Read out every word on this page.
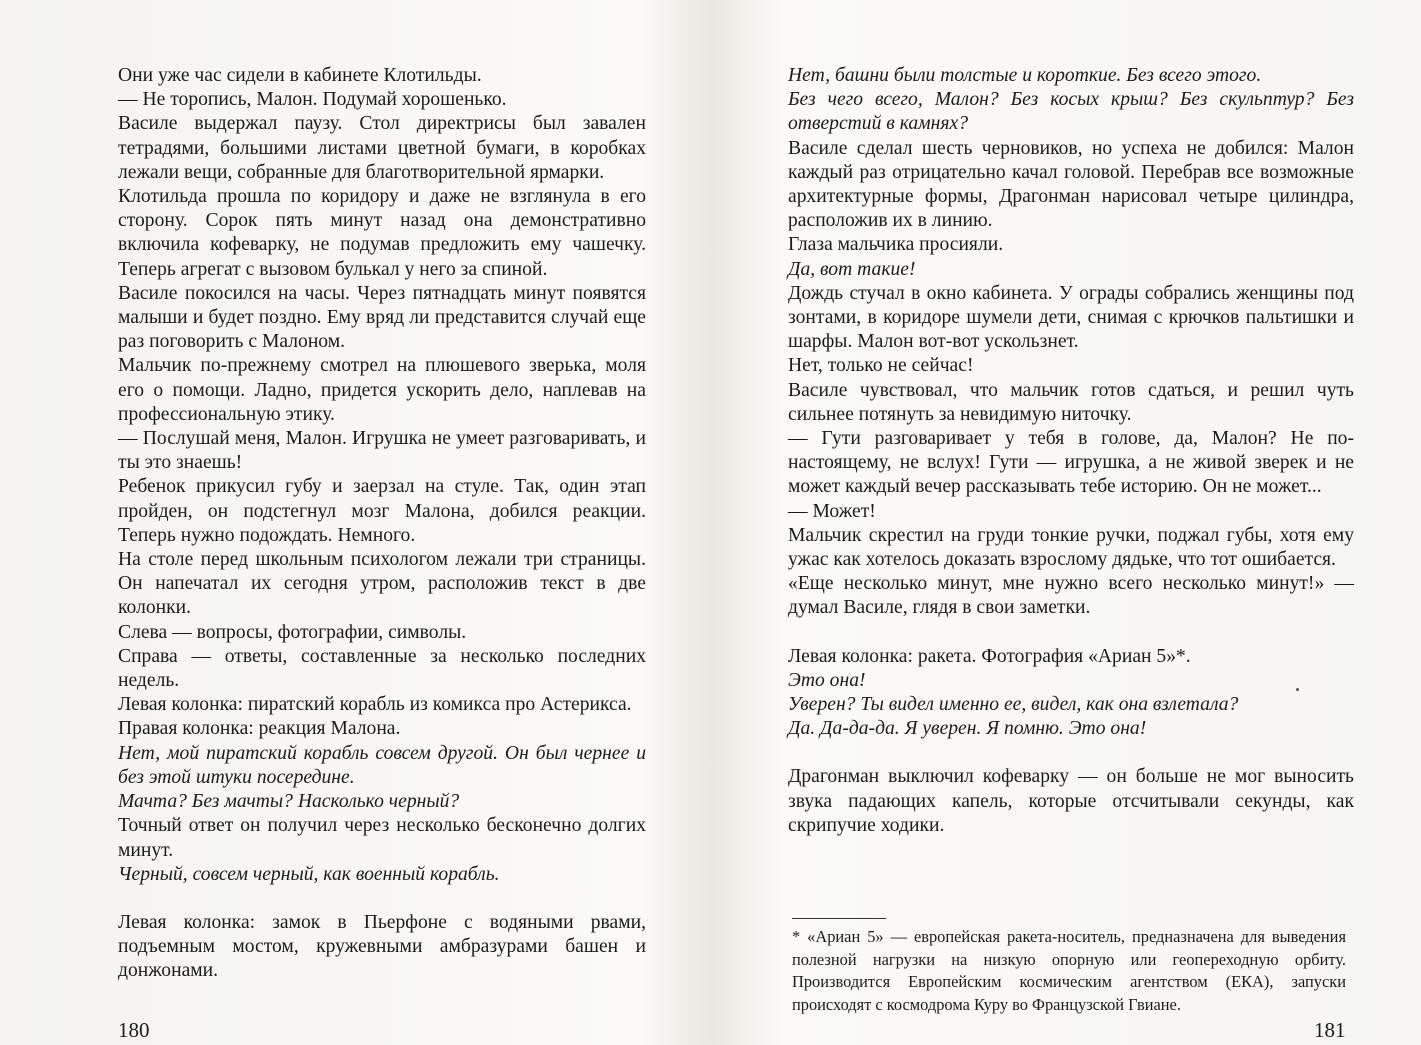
Они уже час сидели в кабинете Клотильды.

— Не торопись, Малон. Подумай хорошенько.

Василе выдержал паузу. Стол директрисы был завален тетрадями, большими листами цветной бумаги, в коробках лежали вещи, собранные для благотворительной ярмарки.

Клотильда прошла по коридору и даже не взглянула в его сторону. Сорок пять минут назад она демонстративно включила кофеварку, не подумав предложить ему чашечку. Теперь агрегат с вызовом булькал у него за спиной.

Василе покосился на часы. Через пятнадцать минут появятся малыши и будет поздно. Ему вряд ли представится случай еще раз поговорить с Малоном.

Мальчик по-прежнему смотрел на плюшевого зверька, моля его о помощи. Ладно, придется ускорить дело, наплевав на профессиональную этику.

— Послушай меня, Малон. Игрушка не умеет разговаривать, и ты это знаешь!

Ребенок прикусил губу и заерзал на стуле. Так, один этап пройден, он подстегнул мозг Малона, добился реакции. Теперь нужно подождать. Немного.

На столе перед школьным психологом лежали три страницы. Он напечатал их сегодня утром, расположив текст в две колонки.

Слева — вопросы, фотографии, символы.

Справа — ответы, составленные за несколько последних недель.

Левая колонка: пиратский корабль из комикса про Астерикса.

Правая колонка: реакция Малона.

Нет, мой пиратский корабль совсем другой. Он был чернее и без этой штуки посередине.

Мачта? Без мачты? Насколько черный?

Точный ответ он получил через несколько бесконечно долгих минут.

Черный, совсем черный, как военный корабль.

Левая колонка: замок в Пьерфоне с водяными рвами, подъемным мостом, кружевными амбразурами башен и донжонами.

180

Нет, башни были толстые и короткие. Без всего этого.

Без чего всего, Малон? Без косых крыш? Без скульптур? Без отверстий в камнях?

Василе сделал шесть черновиков, но успеха не добился: Малон каждый раз отрицательно качал головой. Перебрав все возможные архитектурные формы, Драгонман нарисовал четыре цилиндра, расположив их в линию.

Глаза мальчика просияли.

Да, вот такие!

Дождь стучал в окно кабинета. У ограды собрались женщины под зонтами, в коридоре шумели дети, снимая с крючков пальтишки и шарфы. Малон вот-вот ускользнет.

Нет, только не сейчас!

Василе чувствовал, что мальчик готов сдаться, и решил чуть сильнее потянуть за невидимую ниточку.

— Гути разговаривает у тебя в голове, да, Малон? Не по-настоящему, не вслух! Гути — игрушка, а не живой зверек и не может каждый вечер рассказывать тебе историю. Он не может...

— Может!

Мальчик скрестил на груди тонкие ручки, поджал губы, хотя ему ужас как хотелось доказать взрослому дядьке, что тот ошибается.

«Еще несколько минут, мне нужно всего несколько минут!» — думал Василе, глядя в свои заметки.

Левая колонка: ракета. Фотография «Ариан 5»*.

Это она!

Уверен? Ты видел именно ее, видел, как она взлетала?

Да. Да-да-да. Я уверен. Я помню. Это она!

Драгонман выключил кофеварку — он больше не мог выносить звука падающих капель, которые отсчитывали секунды, как скрипучие ходики.

181

* «Ариан 5» — европейская ракета-носитель, предназначена для выведения полезной нагрузки на низкую опорную или геопереходную орбиту. Производится Европейским космическим агентством (ЕКА), запуски происходят с космодрома Куру во Французской Гвиане.
